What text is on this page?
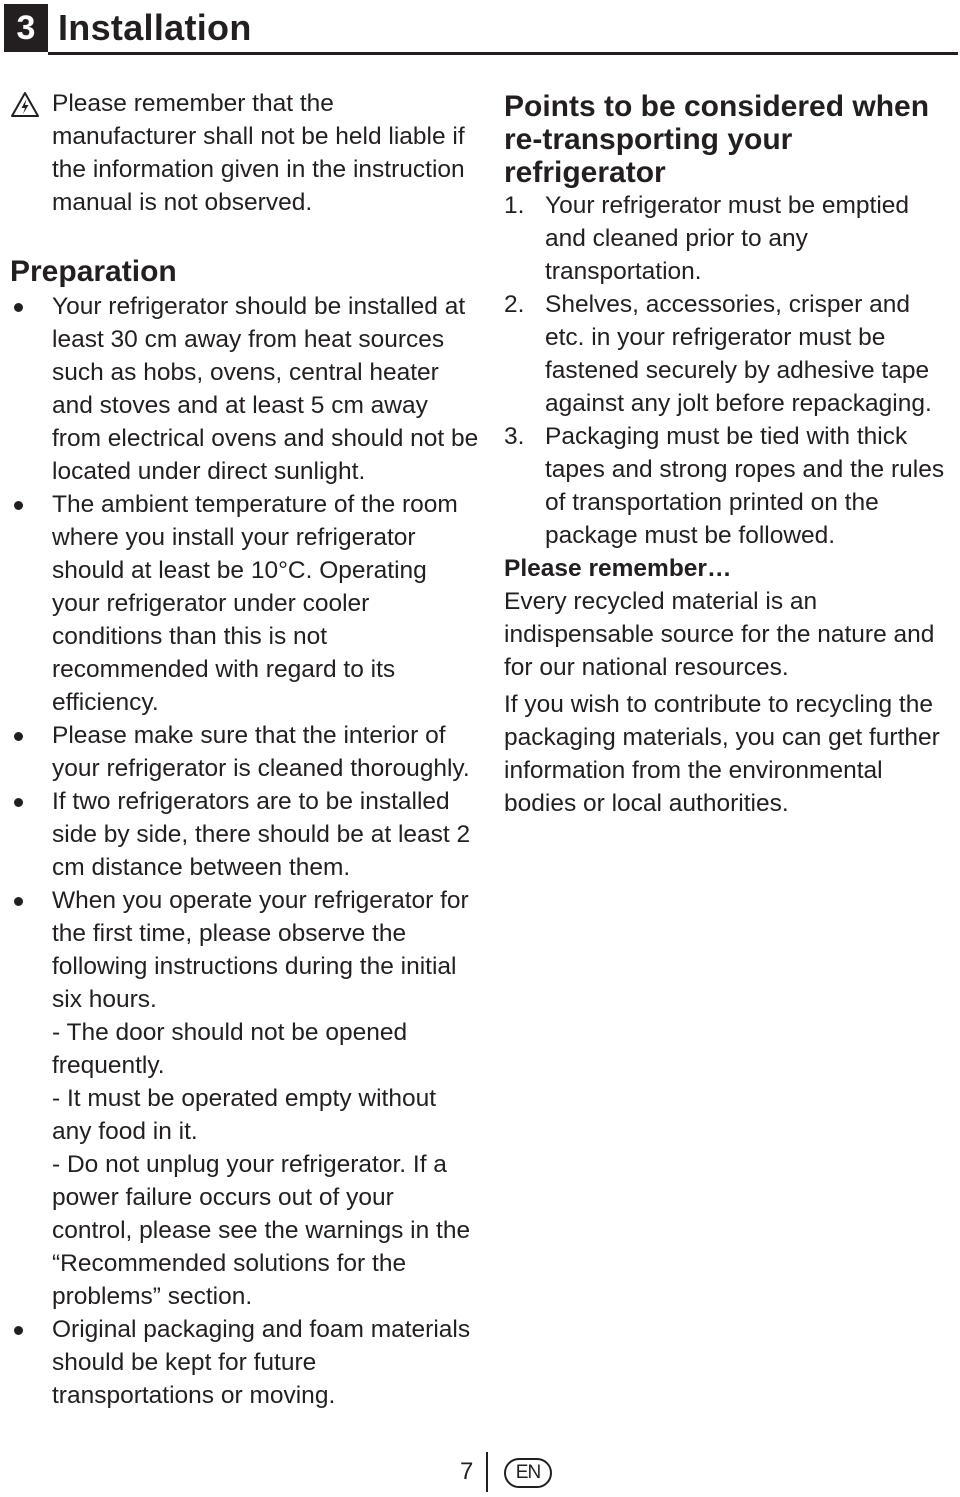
3 Installation

Please remember that the manufacturer shall not be held liable if the information given in the instruction manual is not observed.

Preparation

Your refrigerator should be installed at least 30 cm away from heat sources such as hobs, ovens, central heater and stoves and at least 5 cm away from electrical ovens and should not be located under direct sunlight.
The ambient temperature of the room where you install your refrigerator should at least be 10°C. Operating your refrigerator under cooler conditions than this is not recommended with regard to its efficiency.
Please make sure that the interior of your refrigerator is cleaned thoroughly.
If two refrigerators are to be installed side by side, there should be at least 2 cm distance between them.
When you operate your refrigerator for the first time, please observe the following instructions during the initial six hours.
- The door should not be opened frequently.
- It must be operated empty without any food in it.
- Do not unplug your refrigerator. If a power failure occurs out of your control, please see the warnings in the “Recommended solutions for the problems” section.
Original packaging and foam materials should be kept for future transportations or moving.

Points to be considered when re-transporting your refrigerator

1. Your refrigerator must be emptied and cleaned prior to any transportation.
2. Shelves, accessories, crisper and etc. in your refrigerator must be fastened securely by adhesive tape against any jolt before repackaging.
3. Packaging must be tied with thick tapes and strong ropes and the rules of transportation printed on the package must be followed.

Please remember…

Every recycled material is an indispensable source for the nature and for our national resources.

If you wish to contribute to recycling the packaging materials, you can get further information from the environmental bodies or local authorities.

7	EN
